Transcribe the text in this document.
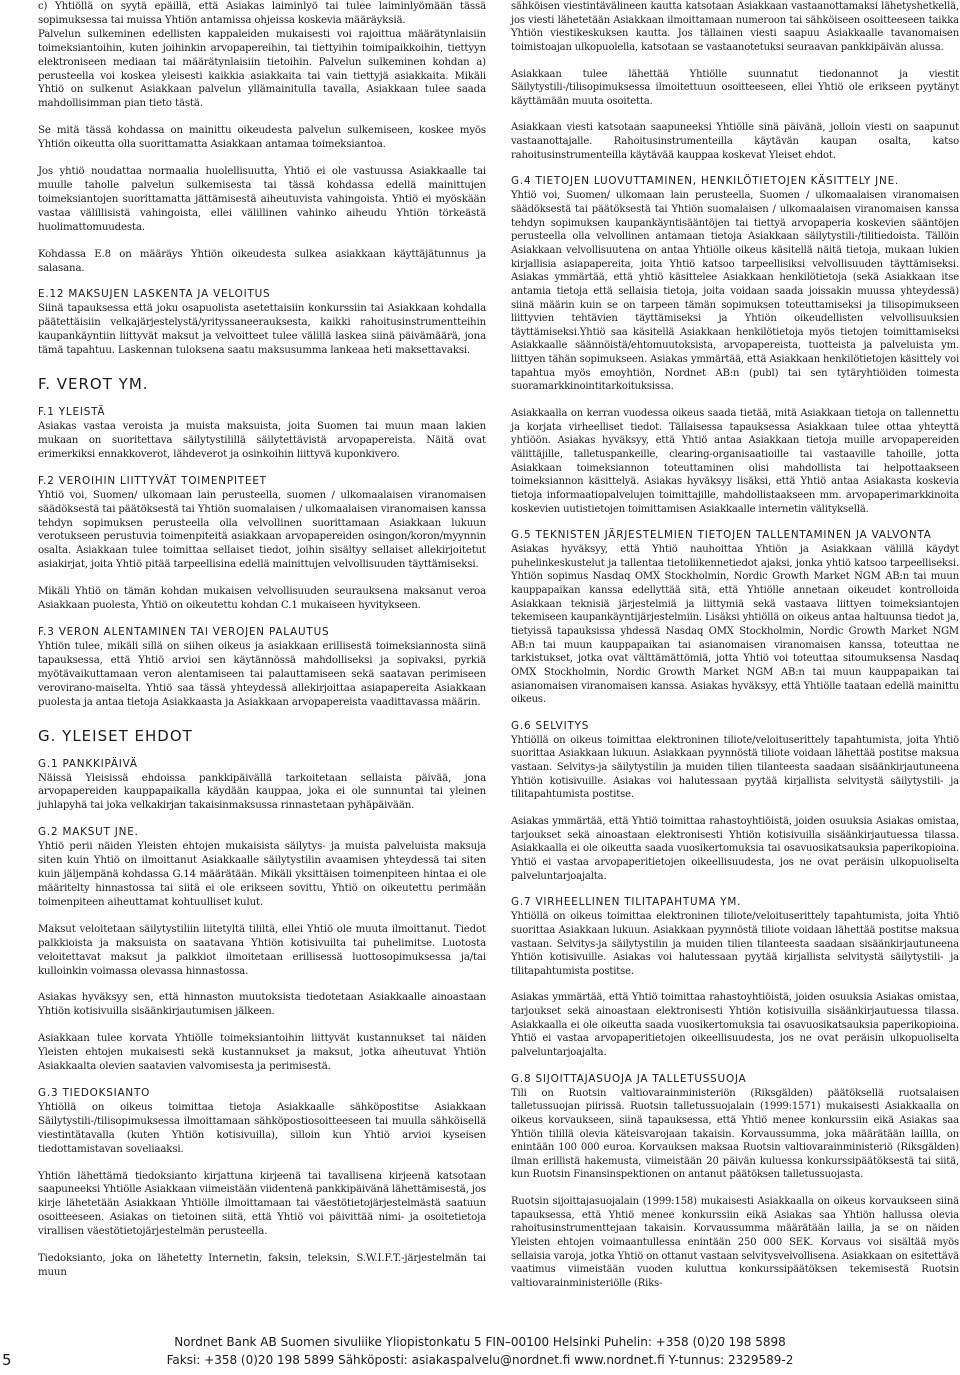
c) Yhtiöllä on syytä epäillä, että Asiakas laiminlyö tai tulee laiminlyömään tässä sopimuksessa tai muissa Yhtiön antamissa ohjeissa koskevia määräyksiä.

Palvelun sulkeminen edellisten kappaleiden mukaisesti voi rajoittua määrätynlaisiin toimeksiantoihin, kuten joihinkin arvopapereihin, tai tiettyihin toimipaikkoihin, tiettyyn elektroniseen mediaan tai määrätynlaisiin tietoihin. Palvelun sulkeminen kohdan a) perusteella voi koskea yleisesti kaikkia asiakkaita tai vain tiettyjä asiakkaita. Mikäli Yhtiö on sulkenut Asiakkaan palvelun yllämainitulla tavalla, Asiakkaan tulee saada mahdollisimman pian tieto tästä.

Se mitä tässä kohdassa on mainittu oikeudesta palvelun sulkemiseen, koskee myös Yhtiön oikeutta olla suorittamatta Asiakkaan antamaa toimeksiantoa.

Jos yhtiö noudattaa normaalia huolellisuutta, Yhtiö ei ole vastuussa Asiakkaalle tai muulle taholle palvelun sulkemisesta tai tässä kohdassa edellä mainittujen toimeksiantojen suorittamatta jättämisestä aiheutuvista vahingoista. Yhtiö ei myöskään vastaa välillisistä vahingoista, ellei välillinen vahinko aiheudu Yhtiön törkeästä huolimattomuudesta.

Kohdassa E.8 on määräys Yhtiön oikeudesta sulkea asiakkaan käyttäjätunnus ja salasana.

E.12 MAKSUJEN LASKENTA JA VELOITUS

Siinä tapauksessa että joku osapuolista asetettaisiin konkurssiin tai Asiakkaan kohdalla päätettäisiin velkajärjestelystä/yrityssaneerauksesta, kaikki rahoitusinstrumentteihin kaupankäyntiin liittyvät maksut ja velvoitteet tulee välillä laskea siinä päivämäärä, jona tämä tapahtuu. Laskennan tuloksena saatu maksusumma lankeaa heti maksettavaksi.

F. VEROT YM.
F.1 YLEISTÄ

Asiakas vastaa veroista ja muista maksuista, joita Suomen tai muun maan lakien mukaan on suoritettava säilytystilillä säilytettävistä arvopapereista. Näitä ovat erimerkiksi ennakkoverot, lähdeverot ja osinkoihin liittyvä kuponkivero.

F.2 VEROIHIN LIITTYVÄT TOIMENPITEET

Yhtiö voi, Suomen/ ulkomaan lain perusteella, suomen / ulkomaalaisen viranomaisen säädöksestä tai päätöksestä tai Yhtiön suomalaisen / ulkomaalaisen viranomaisen kanssa tehdyn sopimuksen perusteella olla velvollinen suorittamaan Asiakkaan lukuun verotukseen perustuvia toimenpiteitä asiakkaan arvopapereiden osingon/koron/myynnin osalta. Asiakkaan tulee toimittaa sellaiset tiedot, joihin sisältyy sellaiset allekirjoitetut asiakirjat, joita Yhtiö pitää tarpeellisina edellä mainittujen velvollisuuden täyttämiseksi.

Mikäli Yhtiö on tämän kohdan mukaisen velvollisuuden seurauksena maksanut veroa Asiakkaan puolesta, Yhtiö on oikeutettu kohdan C.1 mukaiseen hyvitykseen.

F.3 VERON ALENTAMINEN TAI VEROJEN PALAUTUS

Yhtiön tulee, mikäli sillä on siihen oikeus ja asiakkaan erillisestä toimeksiannosta siinä tapauksessa, että Yhtiö arvioi sen käytännössä mahdolliseksi ja sopivaksi, pyrkiä myötävaikuttamaan veron alentamiseen tai palauttamiseen sekä saatavan perimiseen verovirano-maiselta. Yhtiö saa tässä yhteydessä allekirjoittaa asiapapereita Asiakkaan puolesta ja antaa tietoja Asiakkaasta ja Asiakkaan arvopapereista vaadittavassa määrin.

G. YLEISET EHDOT
G.1 PANKKIPÄIVÄ

Näissä Yleisissä ehdoissa pankkipäivällä tarkoitetaan sellaista päivää, jona arvopapereiden kauppapaikalla käydään kauppaa, joka ei ole sunnuntai tai yleinen juhlapyhä tai joka velkakirjan takaisinmaksussa rinnastetaan pyhäpäivään.

G.2 MAKSUT JNE.

Yhtiö perii näiden Yleisten ehtojen mukaisista säilytys- ja muista palveluista maksuja siten kuin Yhtiö on ilmoittanut Asiakkaalle säilytystilin avaamisen yhteydessä tai siten kuin jäljempänä kohdassa G.14 määrätään. Mikäli yksittäisen toimenpiteen hintaa ei ole määritelty hinnastossa tai siitä ei ole erikseen sovittu, Yhtiö on oikeutettu perimään toimenpiteen aiheuttamat kohtuulliset kulut.

Maksut veloitetaan säilytystiliin liitetyltä tililtä, ellei Yhtiö ole muuta ilmoittanut. Tiedot palkkioista ja maksuista on saatavana Yhtiön kotisivuilta tai puhelimitse. Luotosta veloitettavat maksut ja palkkiot ilmoitetaan erillisessä luottosopimuksessa ja/tai kulloinkin voimassa olevassa hinnastossa.

Asiakas hyväksyy sen, että hinnaston muutoksista tiedotetaan Asiakkaalle ainoastaan Yhtiön kotisivuilla sisäänkirjautumisen jälkeen.

Asiakkaan tulee korvata Yhtiölle toimeksiantoihin liittyvät kustannukset tai näiden Yleisten ehtojen mukaisesti sekä kustannukset ja maksut, jotka aiheutuvat Yhtiön Asiakkaalta olevien saatavien valvomisesta ja perimisestä.

G.3 TIEDOKSIANTO

Yhtiöllä on oikeus toimittaa tietoja Asiakkaalle sähköpostitse Asiakkaan Säilytystili-/tilisopimuksessa ilmoittamaan sähköpostiosoitteeseen tai muulla sähköisellä viestintätavalla (kuten Yhtiön kotisivuilla), silloin kun Yhtiö arvioi kyseisen tiedottamistavan soveliaaksi.

Yhtiön lähettämä tiedoksianto kirjattuna kirjeenä tai tavallisena kirjeenä katsotaan saapuneeksi Yhtiölle Asiakkaan viimeistään viidentenä pankkipäivänä lähettämisestä, jos kirje lähetetään Asiakkaan Yhtiölle ilmoittamaan tai väestötietojärjestelmästä saatuun osoitteeseen. Asiakas on tietoinen siitä, että Yhtiö voi päivittää nimi- ja osoitetietoja virallisen väestötietojärjestelmän perusteella.

Tiedoksianto, joka on lähetetty Internetin, faksin, teleksin, S.W.I.F.T.-järjestelmän tai muun

sähköisen viestintävälineen kautta katsotaan Asiakkaan vastaanottamaksi lähetyshetkellä, jos viesti lähetetään Asiakkaan ilmoittamaan numeroon tai sähköiseen osoitteeseen taikka Yhtiön viestikeskuksen kautta. Jos tällainen viesti saapuu Asiakkaalle tavanomaisen toimistoajan ulkopuolella, katsotaan se vastaanotetuksi seuraavan pankkipäivän alussa.

Asiakkaan tulee lähettää Yhtiölle suunnatut tiedonannot ja viestit Säilytystili-/tilisopimuksessa ilmoitettuun osoitteeseen, ellei Yhtiö ole erikseen pyytänyt käyttämään muuta osoitetta.

Asiakkaan viesti katsotaan saapuneeksi Yhtiölle sinä päivänä, jolloin viesti on saapunut vastaanottajalle. Rahoitusinstrumenteilla käytävän kaupan osalta, katso rahoitusinstrumenteilla käytävää kauppaa koskevat Yleiset ehdot.

G.4 TIETOJEN LUOVUTTAMINEN, HENKILÖTIETOJEN KÄSITTELY JNE.

Yhtiö voi, Suomen/ ulkomaan lain perusteella, Suomen / ulkomaalaisen viranomaisen säädöksestä tai päätöksestä tai Yhtiön suomalaisen / ulkomaalaisen viranomaisen kanssa tehdyn sopimuksen kaupankäyntisääntöjen tai tiettyä arvopaperia koskevien sääntöjen perusteella olla velvollinen antamaan tietoja Asiakkaan säilytystili-/tilitiedoista. Tällöin Asiakkaan velvollisuutena on antaa Yhtiölle oikeus käsitellä näitä tietoja, mukaan lukien kirjallisia asiapapereita, joita Yhtiö katsoo tarpeellisiksi velvollisuuden täyttämiseksi. Asiakas ymmärtää, että yhtiö käsittelee Asiakkaan henkilötietoja (sekä Asiakkaan itse antamia tietoja että sellaisia tietoja, joita voidaan saada joissakin muussa yhteydessä) siinä määrin kuin se on tarpeen tämän sopimuksen toteuttamiseksi ja tilisopimukseen liittyvien tehtävien täyttämiseksi ja Yhtiön oikeudellisten velvollisuuksien täyttämiseksi.Yhtiö saa käsitellä Asiakkaan henkilötietoja myös tietojen toimittamiseksi Asiakkaalle säännöistä/ehtomuutoksista, arvopapereista, tuotteista ja palveluista ym. liittyen tähän sopimukseen. Asiakas ymmärtää, että Asiakkaan henkilötietojen käsittely voi tapahtua myös emoyhtiön, Nordnet AB:n (publ) tai sen tytäryhtiöiden toimesta suoramarkkinointitarkoituksissa.

Asiakkaalla on kerran vuodessa oikeus saada tietää, mitä Asiakkaan tietoja on tallennettu ja korjata virheelliset tiedot. Tällaisessa tapauksessa Asiakkaan tulee ottaa yhteyttä yhtiöön. Asiakas hyväksyy, että Yhtiö antaa Asiakkaan tietoja muille arvopapereiden välittäjille, talletuspankeille, clearing-organisaatioille tai vastaaville tahoille, jotta Asiakkaan toimeksiannon toteuttaminen olisi mahdollista tai helpottaakseen toimeksiannon käsittelyä. Asiakas hyväksyy lisäksi, että Yhtiö antaa Asiakasta koskevia tietoja informaatiopalvelujen toimittajille, mahdollistaakseen mm. arvopaperimarkkinoita koskevien uutistietojen toimittamisen Asiakkaalle internetin välityksellä.

G.5 TEKNISTEN JÄRJESTELMIEN TIETOJEN TALLENTAMINEN JA VALVONTA

Asiakas hyväksyy, että Yhtiö nauhoittaa Yhtiön ja Asiakkaan välillä käydyt puhelinkeskustelut ja tallentaa tietoliikennetiedot ajaksi, jonka yhtiö katsoo tarpeelliseksi. Yhtiön sopimus Nasdaq OMX Stockholmin, Nordic Growth Market NGM AB:n tai muun kauppapaikan kanssa edellyttää sitä, että Yhtiölle annetaan oikeudet kontrolloida Asiakkaan teknisiä järjestelmiä ja liittymiä sekä vastaava liittyen toimeksiantojen tekemiseen kaupankäyntijärjestelmiin. Lisäksi yhtiöllä on oikeus antaa haltuunsa tiedot ja, tietyissä tapauksissa yhdessä Nasdaq OMX Stockholmin, Nordic Growth Market NGM AB:n tai muun kauppapaikan tai asianomaisen viranomaisen kanssa, toteuttaa ne tarkistukset, jotka ovat välttämättömiä, jotta Yhtiö voi toteuttaa sitoumuksensa Nasdaq OMX Stockholmin, Nordic Growth Market NGM AB:n tai muun kauppapaikan tai asianomaisen viranomaisen kanssa. Asiakas hyväksyy, että Yhtiölle taataan edellä mainittu oikeus.

G.6 SELVITYS

Yhtiöllä on oikeus toimittaa elektroninen tiliote/veloituserittely tapahtumista, joita Yhtiö suorittaa Asiakkaan lukuun. Asiakkaan pyynnöstä tiliote voidaan lähettää postitse maksua vastaan. Selvitys-ja säilytystilin ja muiden tilien tilanteesta saadaan sisäänkirjautuneena Yhtiön kotisivuille. Asiakas voi halutessaan pyytää kirjallista selvitystä säilytystili- ja tilitapahtumista postitse.

Asiakas ymmärtää, että Yhtiö toimittaa rahastoyhtiöistä, joiden osuuksia Asiakas omistaa, tarjoukset sekä ainoastaan elektronisesti Yhtiön kotisivuilla sisäänkirjautuessa tilassa. Asiakkaalla ei ole oikeutta saada vuosikertomuksia tai osavuosikatsauksia paperikopioina. Yhtiö ei vastaa arvopaperitietojen oikeellisuudesta, jos ne ovat peräisin ulkopuoliselta palveluntarjoajalta.

G.7 VIRHEELLINEN TILITAPAHTUMA YM.

Yhtiöllä on oikeus toimittaa elektroninen tiliote/veloituserittely tapahtumista, joita Yhtiö suorittaa Asiakkaan lukuun. Asiakkaan pyynnöstä tiliote voidaan lähettää postitse maksua vastaan. Selvitys-ja säilytystilin ja muiden tilien tilanteesta saadaan sisäänkirjautuneena Yhtiön kotisivuille. Asiakas voi halutessaan pyytää kirjallista selvitystä säilytystili- ja tilitapahtumista postitse.

Asiakas ymmärtää, että Yhtiö toimittaa rahastoyhtiöistä, joiden osuuksia Asiakas omistaa, tarjoukset sekä ainoastaan elektronisesti Yhtiön kotisivuilla sisäänkirjautuessa tilassa. Asiakkaalla ei ole oikeutta saada vuosikertomuksia tai osavuosikatsauksia paperikopioina. Yhtiö ei vastaa arvopaperitietojen oikeellisuudesta, jos ne ovat peräisin ulkopuoliselta palveluntarjoajalta.

G.8 SIJOITTAJASUOJA JA TALLETUSSUOJA

Tili on Ruotsin valtiovarainministeriön (Riksgälden) päätöksellä ruotsalaisen talletussuojan piirissä. Ruotsin talletussuojalain (1999:1571) mukaisesti Asiakkaalla on oikeus korvaukseen, siinä tapauksessa, että Yhtiö menee konkurssiin eikä Asiakas saa Yhtiön tilillä olevia käteisvarojaan takaisin. Korvaussumma, joka määrätään laillla, on enintään 100 000 euroa. Korvauksen maksaa Ruotsin valtiovarainministeriö (Riksgälden) ilman erillistä hakemusta, viimeistään 20 päivän kuluessa konkurssipäätöksestä tai siitä, kun Ruotsin Finansinspektionen on antanut päätöksen talletussuojasta.

Ruotsin sijoittajasuojalain (1999:158) mukaisesti Asiakkaalla on oikeus korvaukseen siinä tapauksessa, että Yhtiö menee konkurssiin eikä Asiakas saa Yhtiön hallussa olevia rahoitusinstrumenttejaan takaisin. Korvaussumma määrätään lailla, ja se on näiden Yleisten ehtojen voimaantullessa enintään 250 000 SEK. Korvaus voi sisältää myös sellaisia varoja, jotka Yhtiö on ottanut vastaan selvitysvelvollisena. Asiakkaan on esitettävä vaatimus viimeistään vuoden kuluttua konkurssipäätöksen tekemisestä Ruotsin valtiovarainministeriölle (Riks-

Nordnet Bank AB Suomen sivuliike Yliopistonkatu 5 FIN–00100 Helsinki Puhelin: +358 (0)20 198 5898
Faksi: +358 (0)20 198 5899 Sähköposti: asiakaspalvelu@nordnet.fi www.nordnet.fi Y-tunnus: 2329589-2
5
